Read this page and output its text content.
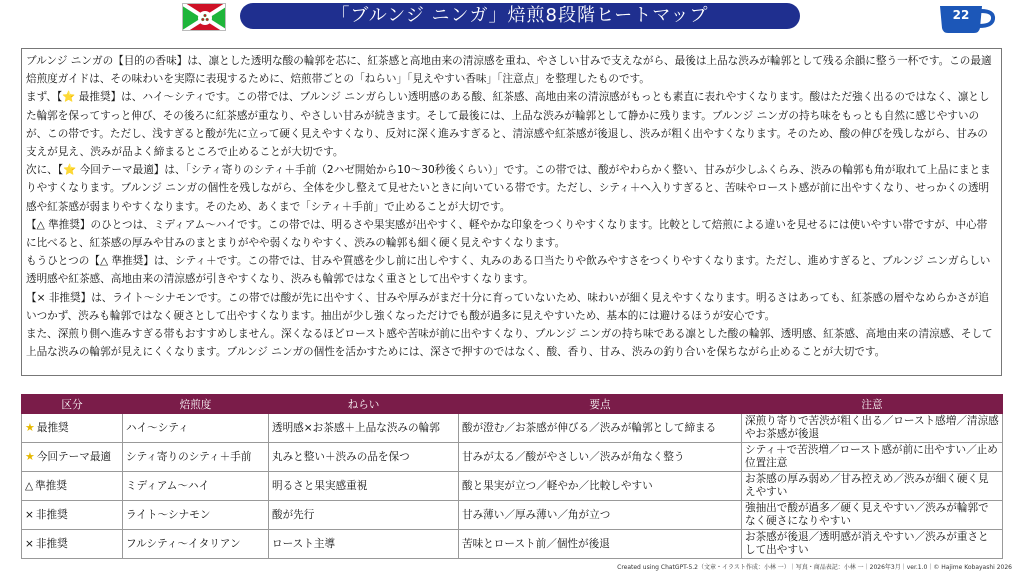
「ブルンジ ニンガ」焙煎8段階ヒートマップ	22

ブルンジ ニンガの【目的の香味】は、凛とした透明な酸の輪郭を芯に、紅茶感と高地由来の清涼感を重ね、やさしい甘みで支えながら、最後は上品な渋みが輪郭として残る余韻に整う一杯です。この最適焙煎度ガイドは、その味わいを実際に表現するために、焙煎帯ごとの「ねらい」「見えやすい香味」「注意点」を整理したものです。

まず、【⭐ 最推奨】は、ハイ〜シティです。この帯では、ブルンジ ニンガらしい透明感のある酸、紅茶感、高地由来の清涼感がもっとも素直に表れやすくなります。酸はただ強く出るのではなく、凛とした輪郭を保ってすっと伸び、その後ろに紅茶感が重なり、やさしい甘みが続きます。そして最後には、上品な渋みが輪郭として静かに残ります。ブルンジ ニンガの持ち味をもっとも自然に感じやすいのが、この帯です。ただし、浅すぎると酸が先に立って硬く見えやすくなり、反対に深く進みすぎると、清涼感や紅茶感が後退し、渋みが粗く出やすくなります。そのため、酸の伸びを残しながら、甘みの支えが見え、渋みが品よく締まるところで止めることが大切です。

次に、【⭐ 今回テーマ最適】は、「シティ寄りのシティ＋手前（2ハゼ開始から10〜30秒後くらい）」です。この帯では、酸がやわらかく整い、甘みが少しふくらみ、渋みの輪郭も角が取れて上品にまとまりやすくなります。ブルンジ ニンガの個性を残しながら、全体を少し整えて見せたいときに向いている帯です。ただし、シティ＋へ入りすぎると、苦味やロースト感が前に出やすくなり、せっかくの透明感や紅茶感が弱まりやすくなります。そのため、あくまで「シティ＋手前」で止めることが大切です。

【△ 準推奨】のひとつは、ミディアム〜ハイです。この帯では、明るさや果実感が出やすく、軽やかな印象をつくりやすくなります。比較として焙煎による違いを見せるには使いやすい帯ですが、中心帯に比べると、紅茶感の厚みや甘みのまとまりがやや弱くなりやすく、渋みの輪郭も細く硬く見えやすくなります。

もうひとつの【△ 準推奨】は、シティ＋です。この帯では、甘みや質感を少し前に出しやすく、丸みのある口当たりや飲みやすさをつくりやすくなります。ただし、進めすぎると、ブルンジ ニンガらしい透明感や紅茶感、高地由来の清涼感が引きやすくなり、渋みも輪郭ではなく重さとして出やすくなります。

【× 非推奨】は、ライト〜シナモンです。この帯では酸が先に出やすく、甘みや厚みがまだ十分に育っていないため、味わいが細く見えやすくなります。明るさはあっても、紅茶感の層やなめらかさが追いつかず、渋みも輪郭ではなく硬さとして出やすくなります。抽出が少し強くなっただけでも酸が過多に見えやすいため、基本的には避けるほうが安心です。

また、深煎り側へ進みすぎる帯もおすすめしません。深くなるほどロースト感や苦味が前に出やすくなり、ブルンジ ニンガの持ち味である凛とした酸の輪郭、透明感、紅茶感、高地由来の清涼感、そして上品な渋みの輪郭が見えにくくなります。ブルンジ ニンガの個性を活かすためには、深さで押すのではなく、酸、香り、甘み、渋みの釣り合いを保ちながら止めることが大切です。

区分	焙煎度	ねらい	要点	注意
★ 最推奨	ハイ〜シティ	透明感×お茶感＋上品な渋みの輪郭	酸が澄む／お茶感が伸びる／渋みが輪郭として締まる	深煎り寄りで苦渋が粗く出る／ロースト感増／清涼感やお茶感が後退
★ 今回テーマ最適	シティ寄りのシティ＋手前	丸みと整い＋渋みの品を保つ	甘みが太る／酸がやさしい／渋みが角なく整う	シティ＋で苦渋増／ロースト感が前に出やすい／止め位置注意
△ 準推奨	ミディアム〜ハイ	明るさと果実感重視	酸と果実が立つ／軽やか／比較しやすい	お茶感の厚み弱め／甘み控えめ／渋みが細く硬く見えやすい
× 非推奨	ライト〜シナモン	酸が先行	甘み薄い／厚み薄い／角が立つ	強抽出で酸が過多／硬く見えやすい／渋みが輪郭でなく硬さになりやすい
× 非推奨	フルシティ〜イタリアン	ロースト主導	苦味とロースト前／個性が後退	お茶感が後退／透明感が消えやすい／渋みが重さとして出やすい
Created using ChatGPT-5.2（文章・イラスト作成：小林 一）｜写真・商品表記：小林 一｜2026年3月｜ver.1.0｜© Hajime Kobayashi 2026
